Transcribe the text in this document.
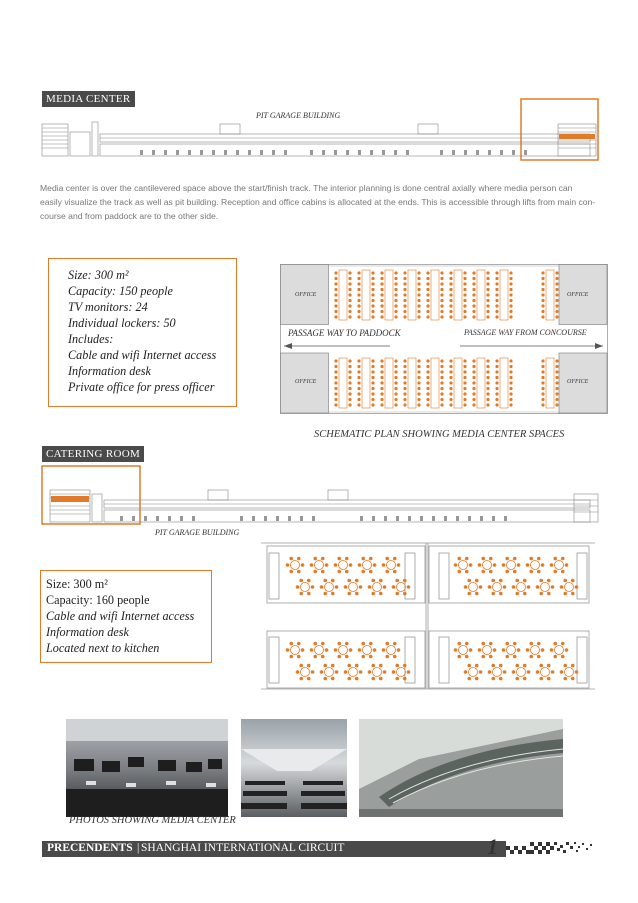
MEDIA CENTER
PIT GARAGE BUILDING
Media center is over the cantilevered space above the start/finish track. The interior planning is done central axially where media person can easily visualize the track as well as pit building. Reception and office cabins is allocated at the ends. This is accessible through lifts from main con-course and from paddock are to the other side.
Size: 300 m²
Capacity: 150 people
TV monitors: 24
Individual lockers: 50
Includes:
Cable and wifi Internet access
Information desk
Private office for press officer
OFFICE	OFFICE
OFFICE	OFFICE
PASSAGE WAY TO PADDOCK	PASSAGE WAY FROM CONCOURSE
SCHEMATIC PLAN SHOWING MEDIA CENTER SPACES
CATERING ROOM
PIT GARAGE BUILDING
Size: 300 m²
Capacity: 160 people
Cable and wifi Internet access
Information desk
Located next to kitchen
PHOTOS SHOWING MEDIA CENTER
PRECENDENTS | SHANGHAI INTERNATIONAL CIRCUIT	1
